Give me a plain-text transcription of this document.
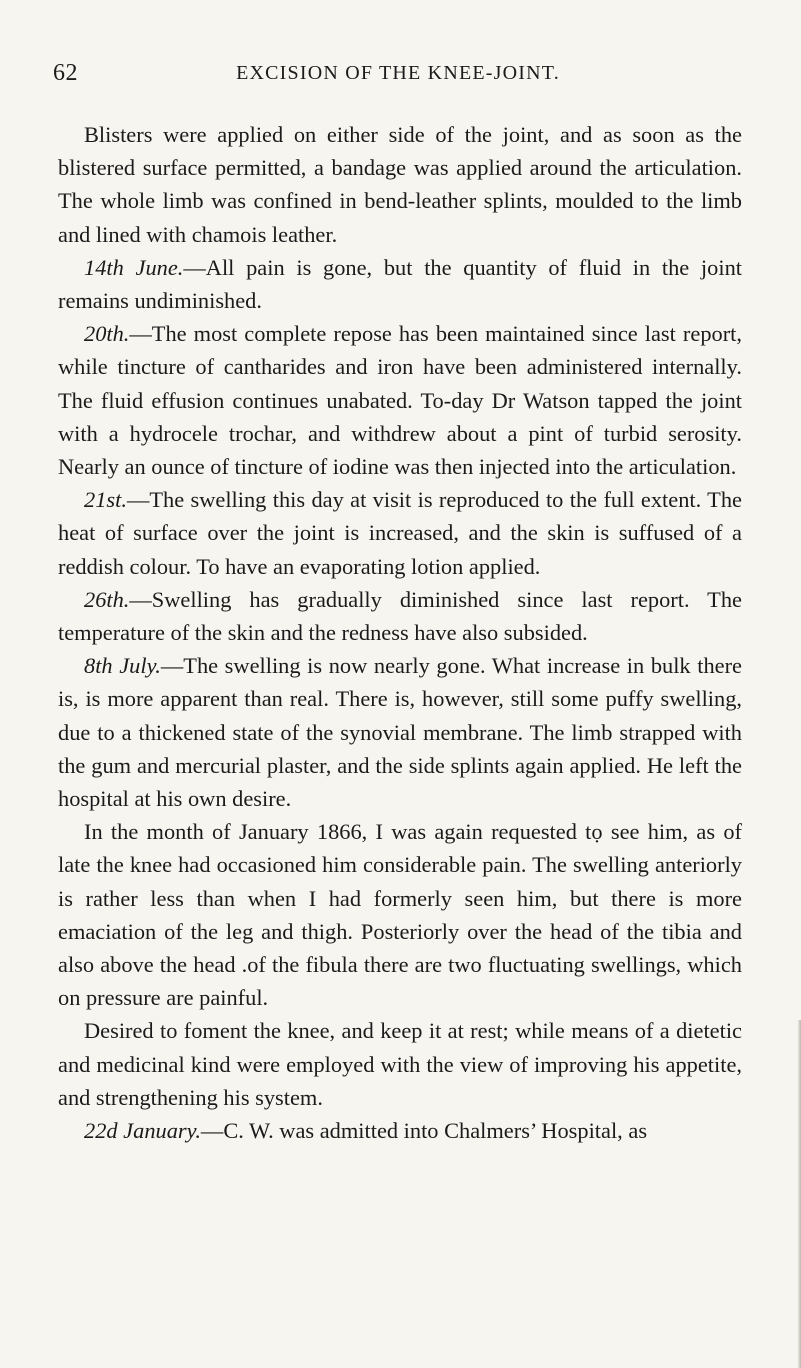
62	EXCISION OF THE KNEE-JOINT.

Blisters were applied on either side of the joint, and as soon as the blistered surface permitted, a bandage was applied around the articulation. The whole limb was confined in bend-leather splints, moulded to the limb and lined with chamois leather.

14th June.—All pain is gone, but the quantity of fluid in the joint remains undiminished.

20th.—The most complete repose has been maintained since last report, while tincture of cantharides and iron have been administered internally. The fluid effusion continues unabated. To-day Dr Watson tapped the joint with a hydrocele trochar, and withdrew about a pint of turbid serosity. Nearly an ounce of tincture of iodine was then injected into the articulation.

21st.—The swelling this day at visit is reproduced to the full extent. The heat of surface over the joint is increased, and the skin is suffused of a reddish colour. To have an evaporating lotion applied.

26th.—Swelling has gradually diminished since last report. The temperature of the skin and the redness have also subsided.

8th July.—The swelling is now nearly gone. What increase in bulk there is, is more apparent than real. There is, however, still some puffy swelling, due to a thickened state of the synovial membrane. The limb strapped with the gum and mercurial plaster, and the side splints again applied. He left the hospital at his own desire.

In the month of January 1866, I was again requested tọ see him, as of late the knee had occasioned him considerable pain. The swelling anteriorly is rather less than when I had formerly seen him, but there is more emaciation of the leg and thigh. Posteriorly over the head of the tibia and also above the head .of the fibula there are two fluctuating swellings, which on pressure are painful.

Desired to foment the knee, and keep it at rest; while means of a dietetic and medicinal kind were employed with the view of improving his appetite, and strengthening his system.

22d January.—C. W. was admitted into Chalmers’ Hospital, as
